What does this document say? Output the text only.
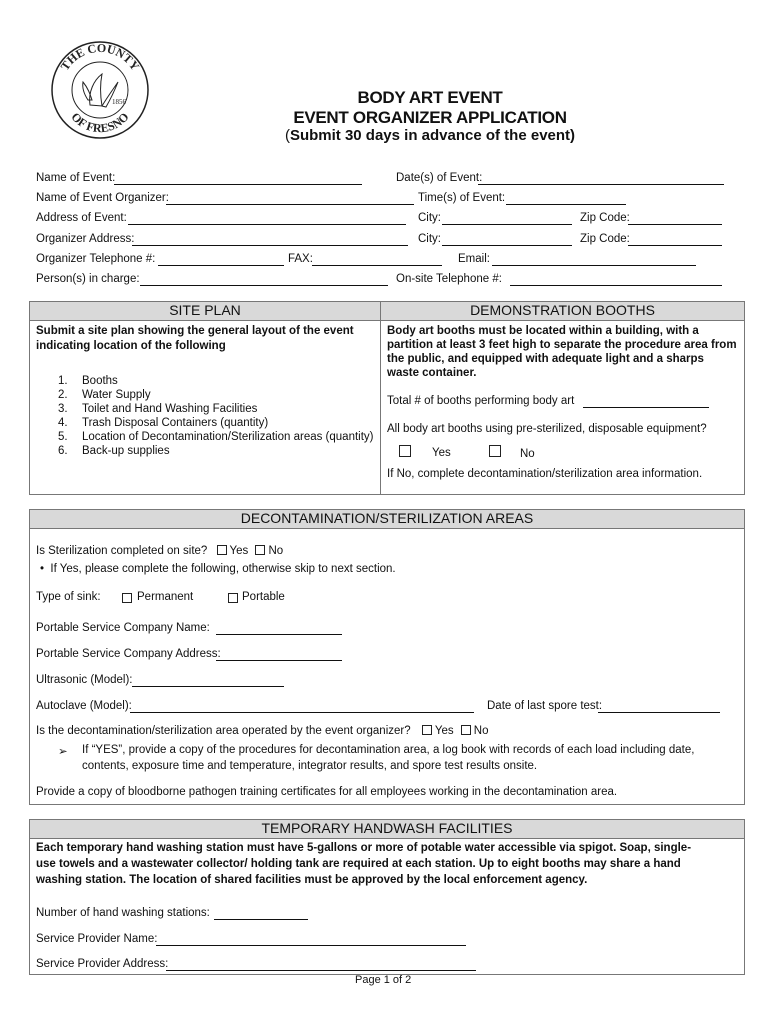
THE COUNTY
OF FRESNO
1856	BODY ART EVENT
EVENT ORGANIZER APPLICATION
(Submit 30 days in advance of the event)
Name of Event:	Date(s) of Event:
Name of Event Organizer:	Time(s) of Event:
Address of Event:	City:	Zip Code:
Organizer Address:	City:	Zip Code:
Organizer Telephone #:	FAX:	Email:
Person(s) in charge:	On-site Telephone #:
SITE PLAN	DEMONSTRATION BOOTHS
Submit a site plan showing the general layout of the event indicating location of the following
1. Booths
2. Water Supply
3. Toilet and Hand Washing Facilities
4. Trash Disposal Containers (quantity)
5. Location of Decontamination/Sterilization areas (quantity)
6. Back-up supplies
Body art booths must be located within a building, with a partition at least 3 feet high to separate the procedure area from the public, and equipped with adequate light and a sharps waste container.
Total # of booths performing body art
All body art booths using pre-sterilized, disposable equipment?
Yes	No
If No, complete decontamination/sterilization area information.
DECONTAMINATION/STERILIZATION AREAS
Is Sterilization completed on site? Yes No
•  If Yes, please complete the following, otherwise skip to next section.
Type of sink:	Permanent	Portable
Portable Service Company Name:
Portable Service Company Address:
Ultrasonic (Model):
Autoclave (Model):	Date of last spore test:
Is the decontamination/sterilization area operated by the event organizer? Yes No
➢ If “YES”, provide a copy of the procedures for decontamination area, a log book with records of each load including date,
contents, exposure time and temperature, integrator results, and spore test results onsite.
Provide a copy of bloodborne pathogen training certificates for all employees working in the decontamination area.
TEMPORARY HANDWASH FACILITIES
Each temporary hand washing station must have 5-gallons or more of potable water accessible via spigot. Soap, single-
use towels and a wastewater collector/ holding tank are required at each station. Up to eight booths may share a hand
washing station. The location of shared facilities must be approved by the local enforcement agency.
Number of hand washing stations:
Service Provider Name:
Service Provider Address:
Page 1 of 2
